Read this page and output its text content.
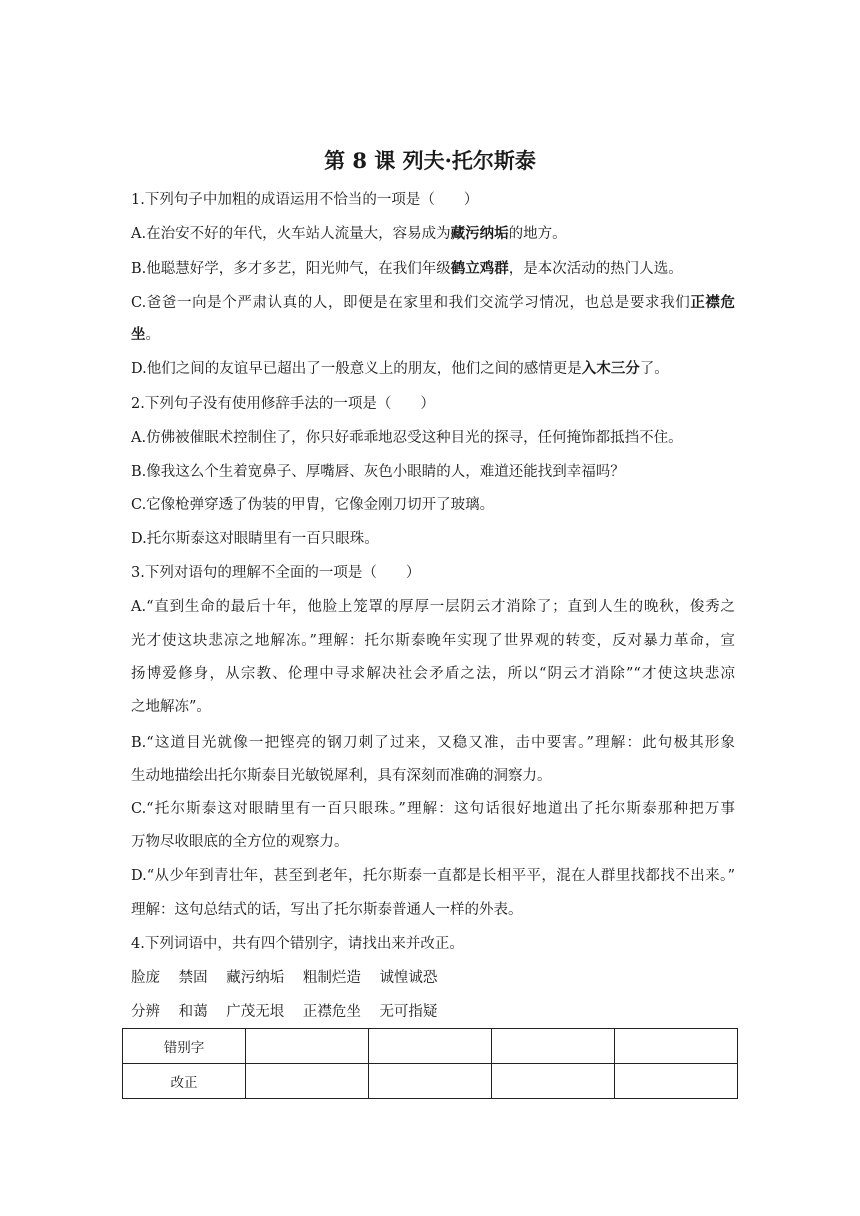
第 8 课 列夫·托尔斯泰
1.下列句子中加粗的成语运用不恰当的一项是（　　）
A.在治安不好的年代，火车站人流量大，容易成为藏污纳垢的地方。
B.他聪慧好学，多才多艺，阳光帅气，在我们年级鹤立鸡群，是本次活动的热门人选。
C.爸爸一向是个严肃认真的人，即便是在家里和我们交流学习情况，也总是要求我们正襟危
坐。
D.他们之间的友谊早已超出了一般意义上的朋友，他们之间的感情更是入木三分了。
2.下列句子没有使用修辞手法的一项是（　　）
A.仿佛被催眠术控制住了，你只好乖乖地忍受这种目光的探寻，任何掩饰都抵挡不住。
B.像我这么个生着宽鼻子、厚嘴唇、灰色小眼睛的人，难道还能找到幸福吗？
C.它像枪弹穿透了伪装的甲胄，它像金刚刀切开了玻璃。
D.托尔斯泰这对眼睛里有一百只眼珠。
3.下列对语句的理解不全面的一项是（　　）
A.“直到生命的最后十年，他脸上笼罩的厚厚一层阴云才消除了；直到人生的晚秋，俊秀之
光才使这块悲凉之地解冻。”理解：托尔斯泰晚年实现了世界观的转变，反对暴力革命，宣
扬博爱修身，从宗教、伦理中寻求解决社会矛盾之法，所以“阴云才消除”“才使这块悲凉
之地解冻”。
B.“这道目光就像一把铿亮的钢刀刺了过来，又稳又准，击中要害。”理解：此句极其形象
生动地描绘出托尔斯泰目光敏锐犀利，具有深刻而准确的洞察力。
C.“托尔斯泰这对眼睛里有一百只眼珠。”理解：这句话很好地道出了托尔斯泰那种把万事
万物尽收眼底的全方位的观察力。
D.“从少年到青壮年，甚至到老年，托尔斯泰一直都是长相平平，混在人群里找都找不出来。”
理解：这句总结式的话，写出了托尔斯泰普通人一样的外表。
4.下列词语中，共有四个错别字，请找出来并改正。
脸庞 禁固 藏污纳垢 粗制烂造 诚惶诚恐
分辨 和蔼 广茂无垠 正襟危坐 无可指疑
错别字				
改正				
